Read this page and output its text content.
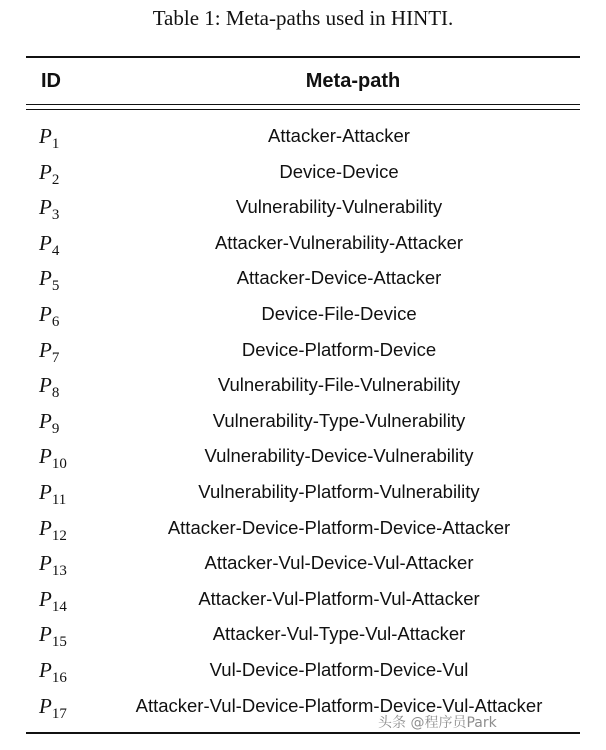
Table 1: Meta-paths used in HINTI.
ID	Meta-path
$P_1$	Attacker-Attacker
$P_2$	Device-Device
$P_3$	Vulnerability-Vulnerability
$P_4$	Attacker-Vulnerability-Attacker
$P_5$	Attacker-Device-Attacker
$P_6$	Device-File-Device
$P_7$	Device-Platform-Device
$P_8$	Vulnerability-File-Vulnerability
$P_9$	Vulnerability-Type-Vulnerability
$P_{10}$	Vulnerability-Device-Vulnerability
$P_{11}$	Vulnerability-Platform-Vulnerability
$P_{12}$	Attacker-Device-Platform-Device-Attacker
$P_{13}$	Attacker-Vul-Device-Vul-Attacker
$P_{14}$	Attacker-Vul-Platform-Vul-Attacker
$P_{15}$	Attacker-Vul-Type-Vul-Attacker
$P_{16}$	Vul-Device-Platform-Device-Vul
$P_{17}$	Attacker-Vul-Device-Platform-Device-Vul-Attacker
头条 @程序员Park
